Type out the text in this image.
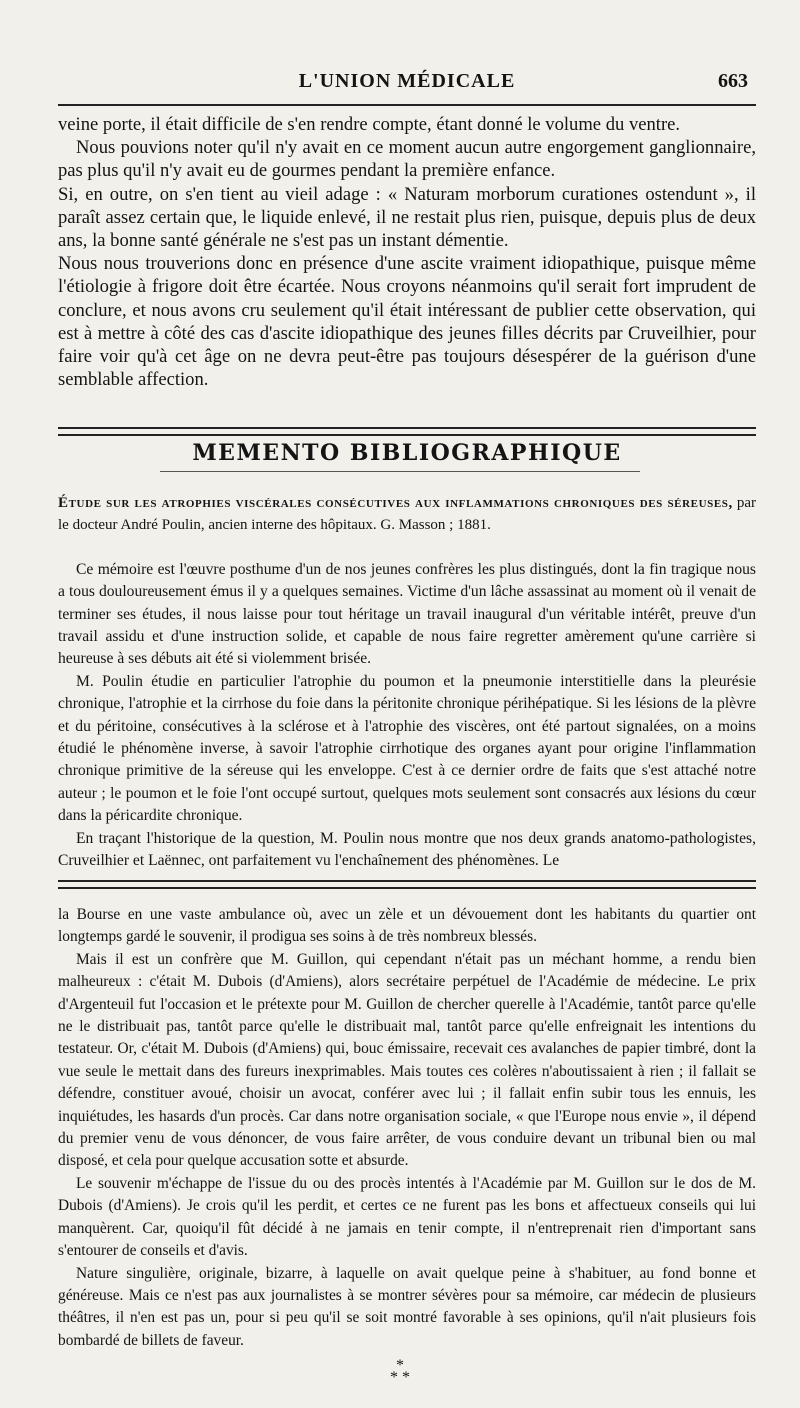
L'UNION MÉDICALE	663

veine porte, il était difficile de s'en rendre compte, étant donné le volume du ventre.

Nous pouvions noter qu'il n'y avait en ce moment aucun autre engorgement ganglionnaire, pas plus qu'il n'y avait eu de gourmes pendant la première enfance.

Si, en outre, on s'en tient au vieil adage : « Naturam morborum curationes ostendunt », il paraît assez certain que, le liquide enlevé, il ne restait plus rien, puisque, depuis plus de deux ans, la bonne santé générale ne s'est pas un instant démentie.

Nous nous trouverions donc en présence d'une ascite vraiment idiopathique, puisque même l'étiologie à frigore doit être écartée. Nous croyons néanmoins qu'il serait fort imprudent de conclure, et nous avons cru seulement qu'il était intéressant de publier cette observation, qui est à mettre à côté des cas d'ascite idiopathique des jeunes filles décrits par Cruveilhier, pour faire voir qu'à cet âge on ne devra peut-être pas toujours désespérer de la guérison d'une semblable affection.

MEMENTO BIBLIOGRAPHIQUE

Étude sur les atrophies viscérales consécutives aux inflammations chroniques des séreuses, par le docteur André Poulin, ancien interne des hôpitaux. G. Masson ; 1881.

Ce mémoire est l'œuvre posthume d'un de nos jeunes confrères les plus distingués, dont la fin tragique nous a tous douloureusement émus il y a quelques semaines. Victime d'un lâche assassinat au moment où il venait de terminer ses études, il nous laisse pour tout héritage un travail inaugural d'un véritable intérêt, preuve d'un travail assidu et d'une instruction solide, et capable de nous faire regretter amèrement qu'une carrière si heureuse à ses débuts ait été si violemment brisée.

M. Poulin étudie en particulier l'atrophie du poumon et la pneumonie interstitielle dans la pleurésie chronique, l'atrophie et la cirrhose du foie dans la péritonite chronique périhépatique. Si les lésions de la plèvre et du péritoine, consécutives à la sclérose et à l'atrophie des viscères, ont été partout signalées, on a moins étudié le phénomène inverse, à savoir l'atrophie cirrhotique des organes ayant pour origine l'inflammation chronique primitive de la séreuse qui les enveloppe. C'est à ce dernier ordre de faits que s'est attaché notre auteur ; le poumon et le foie l'ont occupé surtout, quelques mots seulement sont consacrés aux lésions du cœur dans la péricardite chronique.

En traçant l'historique de la question, M. Poulin nous montre que nos deux grands anatomo-pathologistes, Cruveilhier et Laënnec, ont parfaitement vu l'enchaînement des phénomènes. Le

la Bourse en une vaste ambulance où, avec un zèle et un dévouement dont les habitants du quartier ont longtemps gardé le souvenir, il prodigua ses soins à de très nombreux blessés.

Mais il est un confrère que M. Guillon, qui cependant n'était pas un méchant homme, a rendu bien malheureux : c'était M. Dubois (d'Amiens), alors secrétaire perpétuel de l'Académie de médecine. Le prix d'Argenteuil fut l'occasion et le prétexte pour M. Guillon de chercher querelle à l'Académie, tantôt parce qu'elle ne le distribuait pas, tantôt parce qu'elle le distribuait mal, tantôt parce qu'elle enfreignait les intentions du testateur. Or, c'était M. Dubois (d'Amiens) qui, bouc émissaire, recevait ces avalanches de papier timbré, dont la vue seule le mettait dans des fureurs inexprimables. Mais toutes ces colères n'aboutissaient à rien ; il fallait se défendre, constituer avoué, choisir un avocat, conférer avec lui ; il fallait enfin subir tous les ennuis, les inquiétudes, les hasards d'un procès. Car dans notre organisation sociale, « que l'Europe nous envie », il dépend du premier venu de vous dénoncer, de vous faire arrêter, de vous conduire devant un tribunal bien ou mal disposé, et cela pour quelque accusation sotte et absurde.

Le souvenir m'échappe de l'issue du ou des procès intentés à l'Académie par M. Guillon sur le dos de M. Dubois (d'Amiens). Je crois qu'il les perdit, et certes ce ne furent pas les bons et affectueux conseils qui lui manquèrent. Car, quoiqu'il fût décidé à ne jamais en tenir compte, il n'entreprenait rien d'important sans s'entourer de conseils et d'avis.

Nature singulière, originale, bizarre, à laquelle on avait quelque peine à s'habituer, au fond bonne et généreuse. Mais ce n'est pas aux journalistes à se montrer sévères pour sa mémoire, car médecin de plusieurs théâtres, il n'en est pas un, pour si peu qu'il se soit montré favorable à ses opinions, qu'il n'ait plusieurs fois bombardé de billets de faveur.

*
* *
